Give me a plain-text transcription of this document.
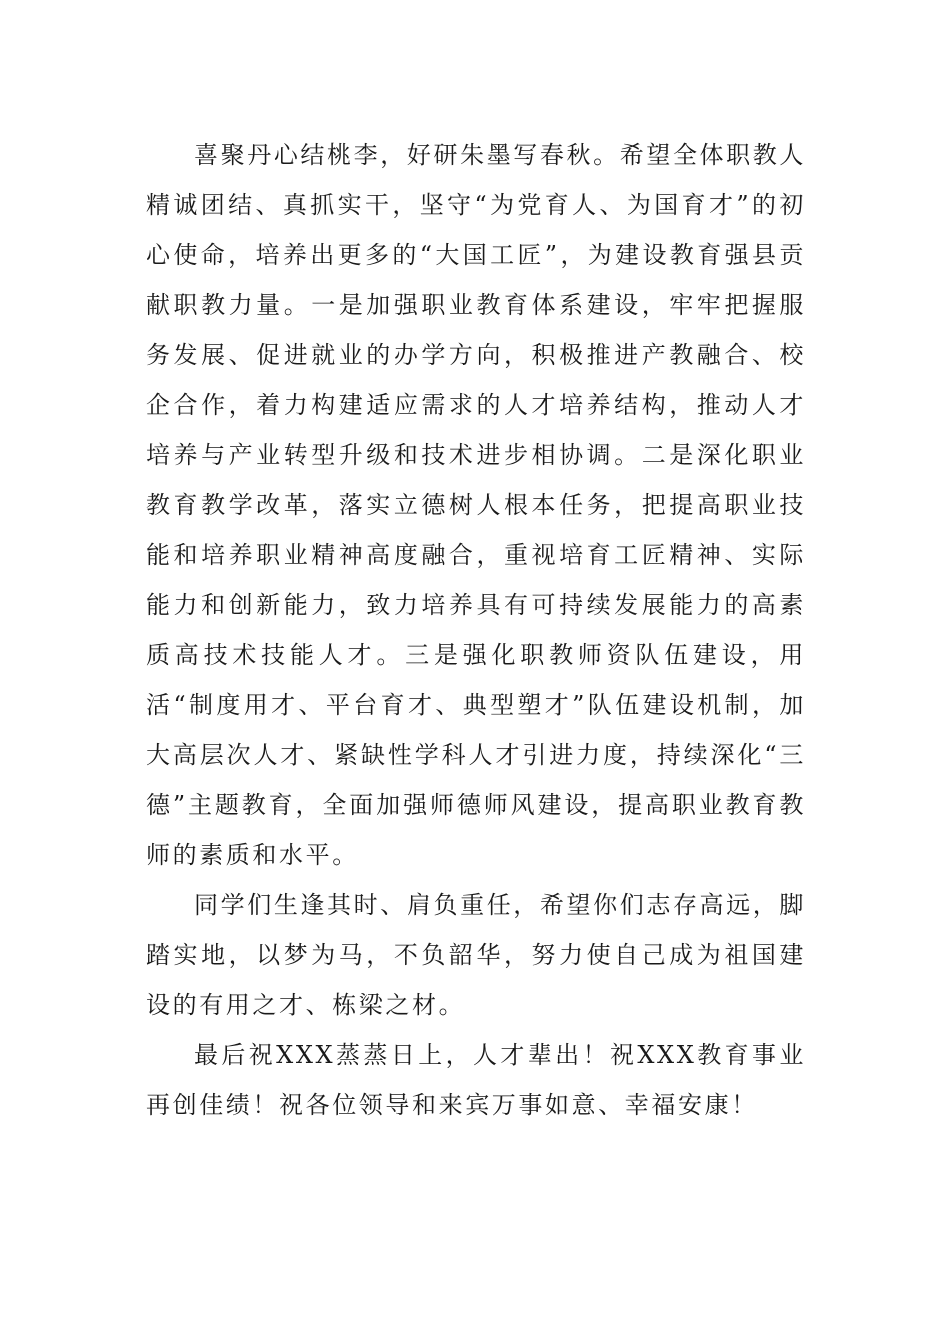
喜聚丹心结桃李，好研朱墨写春秋。希望全体职教人精诚团结、真抓实干，坚守“为党育人、为国育才”的初心使命，培养出更多的“大国工匠”，为建设教育强县贡献职教力量。一是加强职业教育体系建设，牢牢把握服务发展、促进就业的办学方向，积极推进产教融合、校企合作，着力构建适应需求的人才培养结构，推动人才培养与产业转型升级和技术进步相协调。二是深化职业教育教学改革，落实立德树人根本任务，把提高职业技能和培养职业精神高度融合，重视培育工匠精神、实际能力和创新能力，致力培养具有可持续发展能力的高素质高技术技能人才。三是强化职教师资队伍建设，用活“制度用才、平台育才、典型塑才”队伍建设机制，加大高层次人才、紧缺性学科人才引进力度，持续深化“三德”主题教育，全面加强师德师风建设，提高职业教育教师的素质和水平。

同学们生逢其时、肩负重任，希望你们志存高远，脚踏实地，以梦为马，不负韶华，努力使自己成为祖国建设的有用之才、栋梁之材。

最后祝XXX蒸蒸日上，人才辈出！祝XXX教育事业再创佳绩！祝各位领导和来宾万事如意、幸福安康！
